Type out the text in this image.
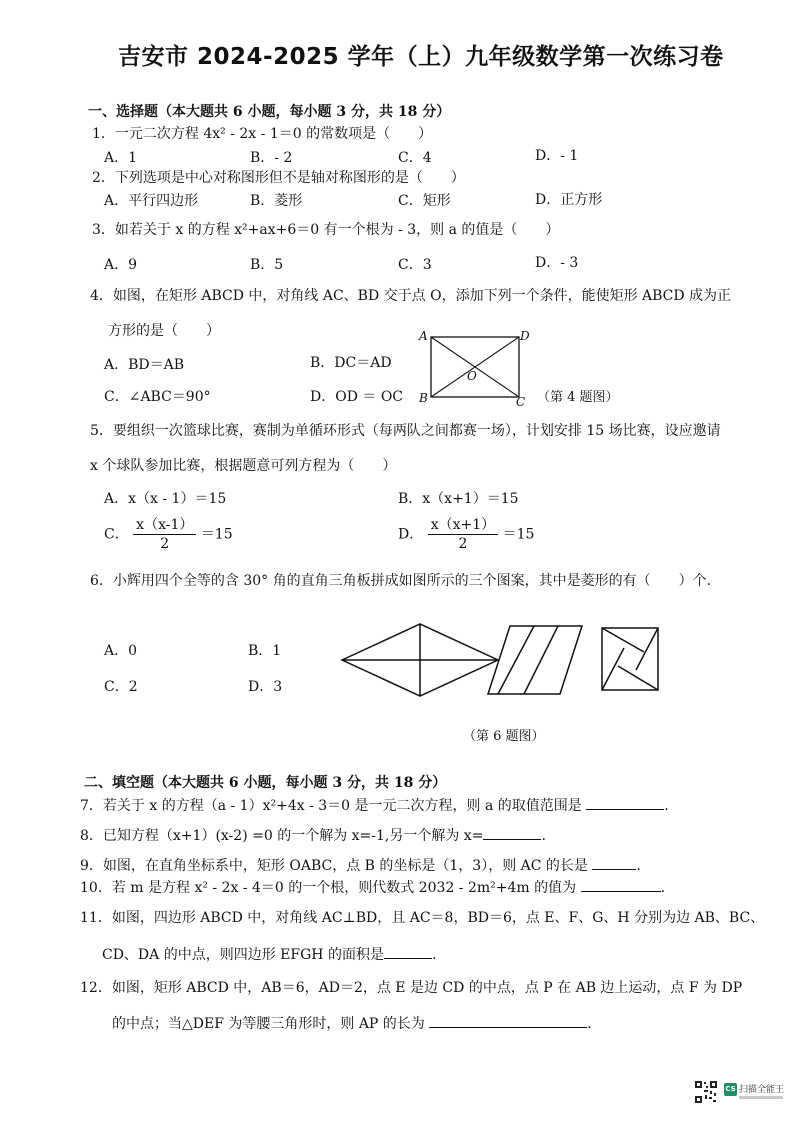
吉安市 2024-2025 学年（上）九年级数学第一次练习卷
一、选择题（本大题共 6 小题，每小题 3 分，共 18 分）
1．一元二次方程 4x² - 2x - 1＝0 的常数项是（　　）
A．1	B．- 2	C．4	D．- 1
2．下列选项是中心对称图形但不是轴对称图形的是（　　）
A．平行四边形	B．菱形	C．矩形	D．正方形
3．如若关于 x 的方程 x²+ax+6＝0 有一个根为 - 3，则 a 的值是（　　）
A．9	B．5	C．3	D．- 3
4．如图，在矩形 ABCD 中，对角线 AC、BD 交于点 O，添加下列一个条件，能使矩形 ABCD 成为正
方形的是（　　）
A．BD＝AB	B．DC＝AD
C．∠ABC＝90°	D．OD ＝ OC
A	D
B	C
O
（第 4 题图）
5．要组织一次篮球比赛，赛制为单循环形式（每两队之间都赛一场），计划安排 15 场比赛，设应邀请
x 个球队参加比赛，根据题意可列方程为（　　）
A．x（x - 1）＝15	B．x（x+1）＝15
C． $\frac{x(x-1)}{2} =15$	D． $\frac{x(x+1)}{2} =15$
6．小辉用四个全等的含 30° 角的直角三角板拼成如图所示的三个图案，其中是菱形的有（　　）个.
A．0	B．1
C．2	D．3
（第 6 题图）
二、填空题（本大题共 6 小题，每小题 3 分，共 18 分）
7．若关于 x 的方程（a - 1）x²+4x - 3＝0 是一元二次方程，则 a 的取值范围是	.
8．已知方程（x+1）(x-2) =0 的一个解为 x=-1,另一个解为 x=	.
9．如图，在直角坐标系中，矩形 OABC，点 B 的坐标是（1，3），则 AC 的长是	.
10．若 m 是方程 x² - 2x - 4＝0 的一个根，则代数式 2032 - 2m²+4m 的值为	.
11．如图，四边形 ABCD 中，对角线 AC⊥BD，且 AC＝8，BD＝6，点 E、F、G、H 分别为边 AB、BC、
CD、DA 的中点，则四边形 EFGH 的面积是	.
12．如图，矩形 ABCD 中，AB＝6，AD＝2，点 E 是边 CD 的中点，点 P 在 AB 边上运动，点 F 为 DP
的中点；当△DEF 为等腰三角形时，则 AP 的长为	.
CS 扫描全能王
